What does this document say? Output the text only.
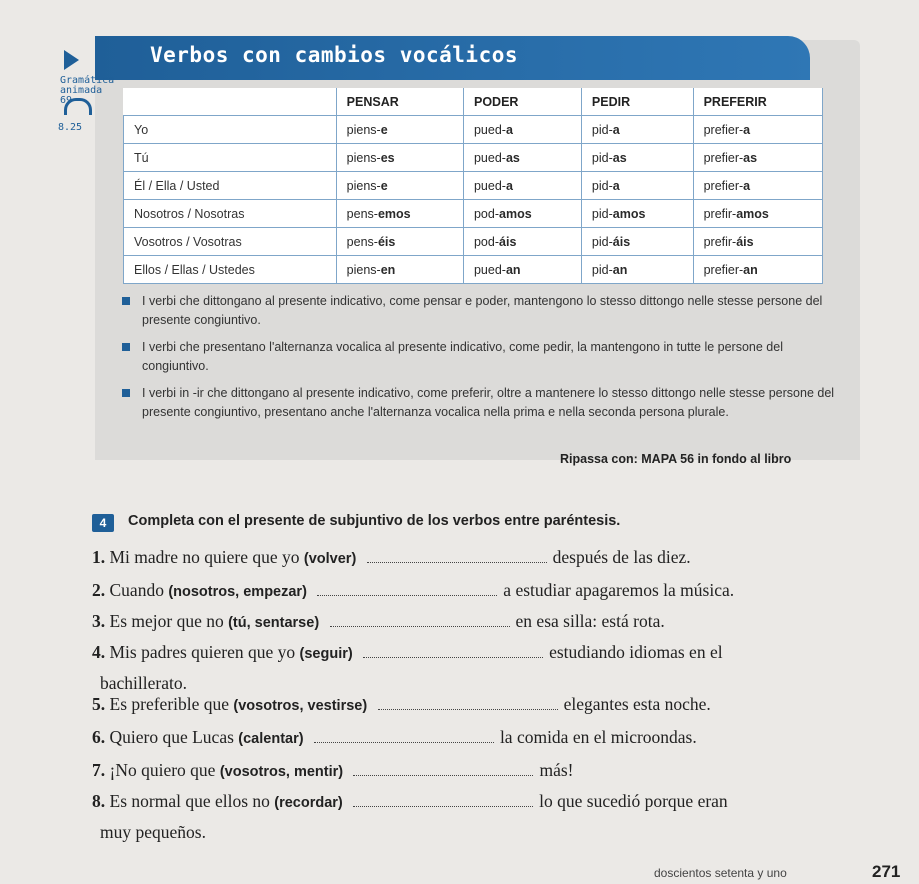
Verbos con cambios vocálicos
Gramática animada 69
8.25
	PENSAR	PODER	PEDIR	PREFERIR
Yo	piens-e	pued-a	pid-a	prefier-a
Tú	piens-es	pued-as	pid-as	prefier-as
Él / Ella / Usted	piens-e	pued-a	pid-a	prefier-a
Nosotros / Nosotras	pens-emos	pod-amos	pid-amos	prefir-amos
Vosotros / Vosotras	pens-éis	pod-áis	pid-áis	prefir-áis
Ellos / Ellas / Ustedes	piens-en	pued-an	pid-an	prefier-an
I verbi che dittongano al presente indicativo, come pensar e poder, mantengono lo stesso dittongo nelle stesse persone del presente congiuntivo.
I verbi che presentano l'alternanza vocalica al presente indicativo, come pedir, la mantengono in tutte le persone del congiuntivo.
I verbi in -ir che dittongano al presente indicativo, come preferir, oltre a mantenere lo stesso dittongo nelle stesse persone del presente congiuntivo, presentano anche l'alternanza vocalica nella prima e nella seconda persona plurale.
Ripassa con: MAPA 56 in fondo al libro
4	Completa con el presente de subjuntivo de los verbos entre paréntesis.
1. Mi madre no quiere que yo (volver)	después de las diez.
2. Cuando (nosotros, empezar)	a estudiar apagaremos la música.
3. Es mejor que no (tú, sentarse)	en esa silla: está rota.
4. Mis padres quieren que yo (seguir)	estudiando idiomas en el
bachillerato.
5. Es preferible que (vosotros, vestirse)	elegantes esta noche.
6. Quiero que Lucas (calentar)	la comida en el microondas.
7. ¡No quiero que (vosotros, mentir)	más!
8. Es normal que ellos no (recordar)	lo que sucedió porque eran
muy pequeños.
doscientos setenta y uno	271
